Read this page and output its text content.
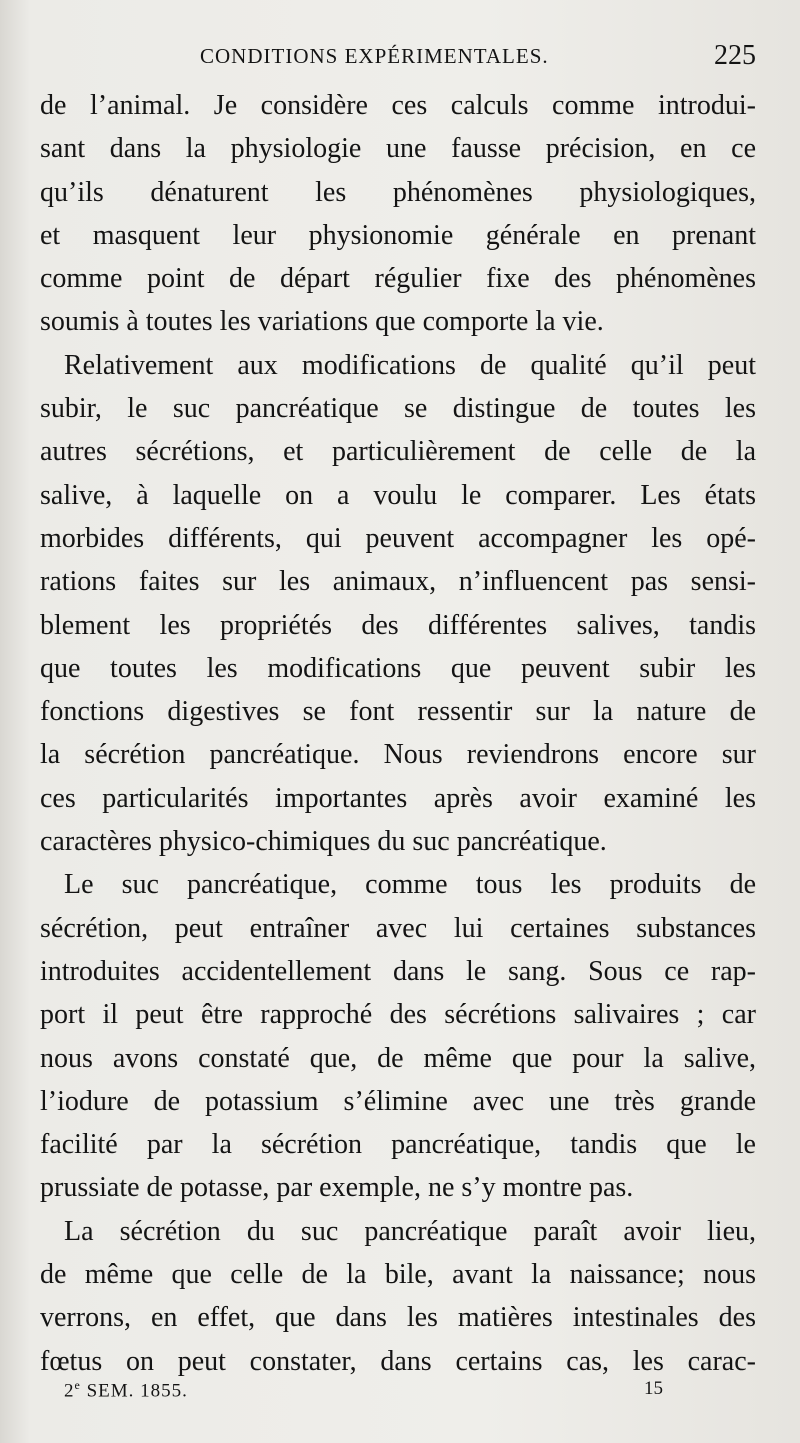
CONDITIONS EXPÉRIMENTALES.	225
de l’animal. Je considère ces calculs comme introdui-
sant dans la physiologie une fausse précision, en ce
qu’ils dénaturent les phénomènes physiologiques,
et masquent leur physionomie générale en prenant
comme point de départ régulier fixe des phénomènes
soumis à toutes les variations que comporte la vie.
Relativement aux modifications de qualité qu’il peut
subir, le suc pancréatique se distingue de toutes les
autres sécrétions, et particulièrement de celle de la
salive, à laquelle on a voulu le comparer. Les états
morbides différents, qui peuvent accompagner les opé-
rations faites sur les animaux, n’influencent pas sensi-
blement les propriétés des différentes salives, tandis
que toutes les modifications que peuvent subir les
fonctions digestives se font ressentir sur la nature de
la sécrétion pancréatique. Nous reviendrons encore sur
ces particularités importantes après avoir examiné les
caractères physico-chimiques du suc pancréatique.
Le suc pancréatique, comme tous les produits de
sécrétion, peut entraîner avec lui certaines substances
introduites accidentellement dans le sang. Sous ce rap-
port il peut être rapproché des sécrétions salivaires ; car
nous avons constaté que, de même que pour la salive,
l’iodure de potassium s’élimine avec une très grande
facilité par la sécrétion pancréatique, tandis que le
prussiate de potasse, par exemple, ne s’y montre pas.
La sécrétion du suc pancréatique paraît avoir lieu,
de même que celle de la bile, avant la naissance; nous
verrons, en effet, que dans les matières intestinales des
fœtus on peut constater, dans certains cas, les carac-
2e SEM. 1855.	15
